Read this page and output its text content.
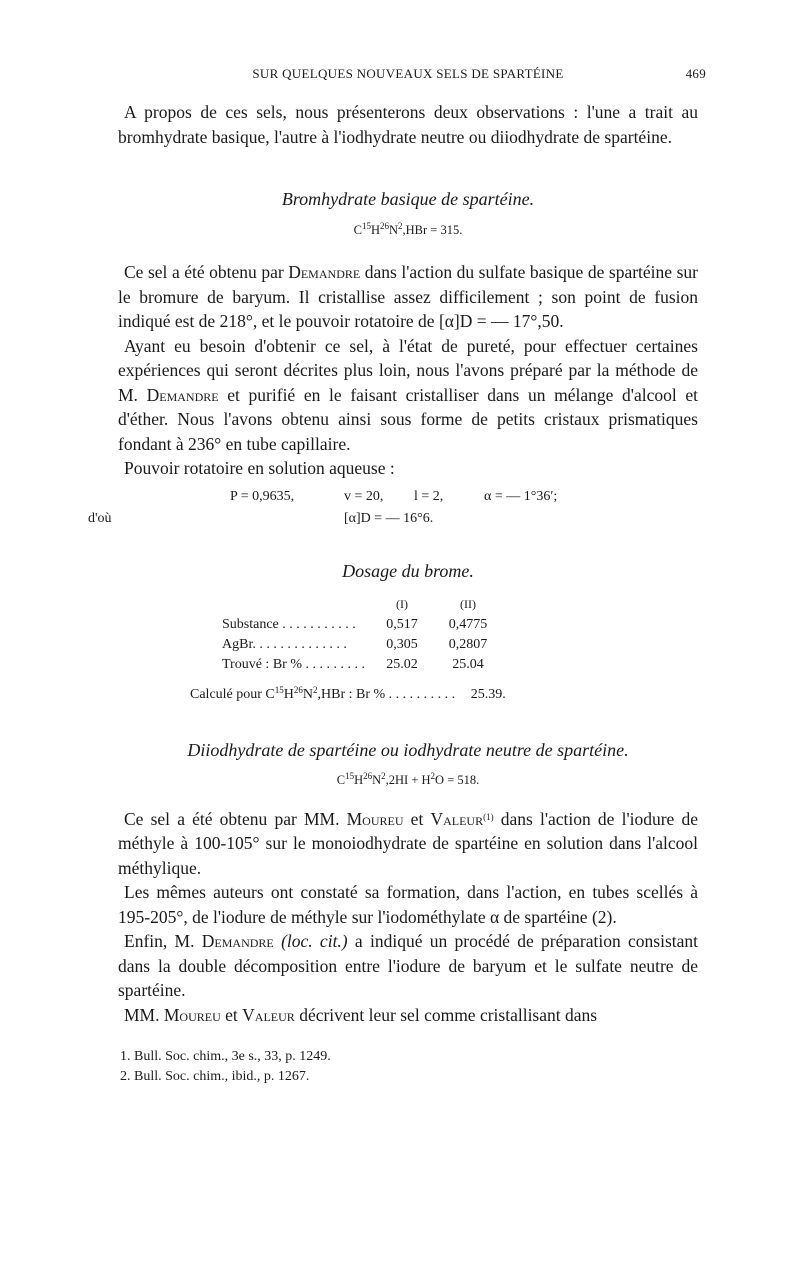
SUR QUELQUES NOUVEAUX SELS DE SPARTÉINE	469

A propos de ces sels, nous présenterons deux observations : l'une a trait au bromhydrate basique, l'autre à l'iodhydrate neutre ou diiodhydrate de spartéine.

Bromhydrate basique de spartéine.

$C^{15}H^{26}N^2,HBr = 315$.

Ce sel a été obtenu par Demandre dans l'action du sulfate basique de spartéine sur le bromure de baryum. Il cristallise assez difficilement ; son point de fusion indiqué est de 218°, et le pouvoir rotatoire de [α]D = — 17°,50.

Ayant eu besoin d'obtenir ce sel, à l'état de pureté, pour effectuer certaines expériences qui seront décrites plus loin, nous l'avons préparé par la méthode de M. Demandre et purifié en le faisant cristalliser dans un mélange d'alcool et d'éther. Nous l'avons obtenu ainsi sous forme de petits cristaux prismatiques fondant à 236° en tube capillaire.

Pouvoir rotatoire en solution aqueuse :

P = 0,9635,	v = 20, l = 2,	α = — 1°36′;
d'où	[α]D = — 16°6.

Dosage du brome.

	(I)	(II)
Substance . . . . . . . . . . .	0,517	0,4775
AgBr. . . . . . . . . . . . . .	0,305	0,2807
Trouvé : Br % . . . . . . . . .	25.02	25.04

Calculé pour $C^{15}H^{26}N^2,HBr$ : Br % . . . . . . . . . . 25.39.

Diiodhydrate de spartéine ou iodhydrate neutre de spartéine.

$C^{15}H^{26}N^2,2HI + H^2O = 518$.

Ce sel a été obtenu par MM. Moureu et Valeur$^{(1)}$ dans l'action de l'iodure de méthyle à 100-105° sur le monoiodhydrate de spartéine en solution dans l'alcool méthylique.

Les mêmes auteurs ont constaté sa formation, dans l'action, en tubes scellés à 195-205°, de l'iodure de méthyle sur l'iodométhylate α de spartéine (2).

Enfin, M. Demandre (loc. cit.) a indiqué un procédé de préparation consistant dans la double décomposition entre l'iodure de baryum et le sulfate neutre de spartéine.

MM. Moureu et Valeur décrivent leur sel comme cristallisant dans

1. Bull. Soc. chim., 3e s., 33, p. 1249.
2. Bull. Soc. chim., ibid., p. 1267.
